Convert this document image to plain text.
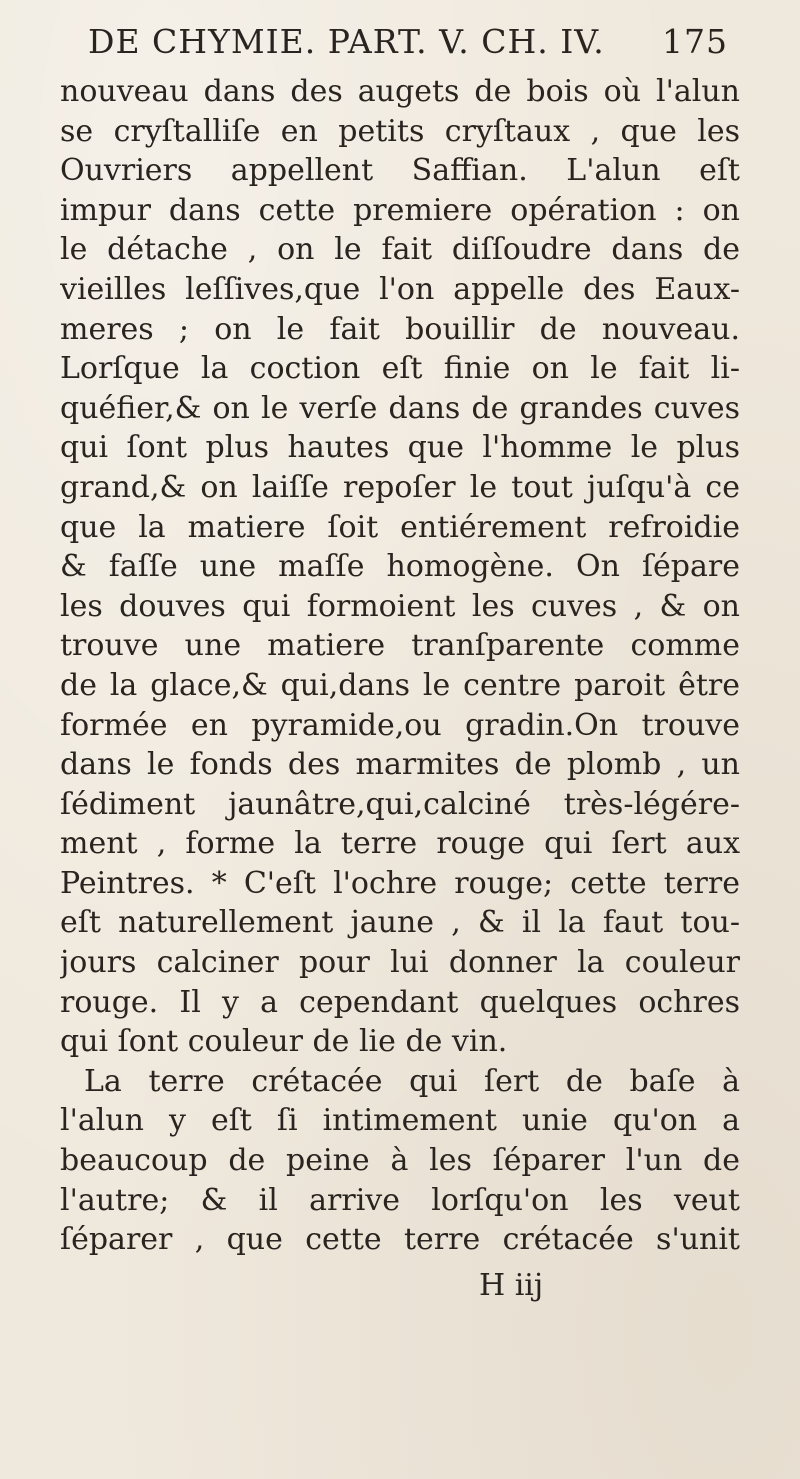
DE CHYMIE. PART. V. CH. IV. 175
nouveau dans des augets de bois où l'alun
se cryſtalliſe en petits cryſtaux , que les
Ouvriers appellent Saffian. L'alun eſt
impur dans cette premiere opération : on
le détache , on le fait diſſoudre dans de
vieilles leſſives,que l'on appelle des Eaux-
meres ; on le fait bouillir de nouveau.
Lorſque la coction eſt finie on le fait li-
quéfier,& on le verſe dans de grandes cuves
qui ſont plus hautes que l'homme le plus
grand,& on laiſſe repoſer le tout juſqu'à ce
que la matiere ſoit entiérement refroidie
& faſſe une maſſe homogène. On ſépare
les douves qui formoient les cuves , & on
trouve une matiere tranſparente comme
de la glace,& qui,dans le centre paroit être
formée en pyramide,ou gradin.On trouve
dans le fonds des marmites de plomb , un
ſédiment jaunâtre,qui,calciné très-légére-
ment , forme la terre rouge qui ſert aux
Peintres. * C'eſt l'ochre rouge; cette terre
eſt naturellement jaune , & il la faut tou-
jours calciner pour lui donner la couleur
rouge. Il y a cependant quelques ochres
qui ſont couleur de lie de vin.
La terre crétacée qui ſert de baſe à
l'alun y eſt ſi intimement unie qu'on a
beaucoup de peine à les ſéparer l'un de
l'autre; & il arrive lorſqu'on les veut
ſéparer , que cette terre crétacée s'unit
H iij
